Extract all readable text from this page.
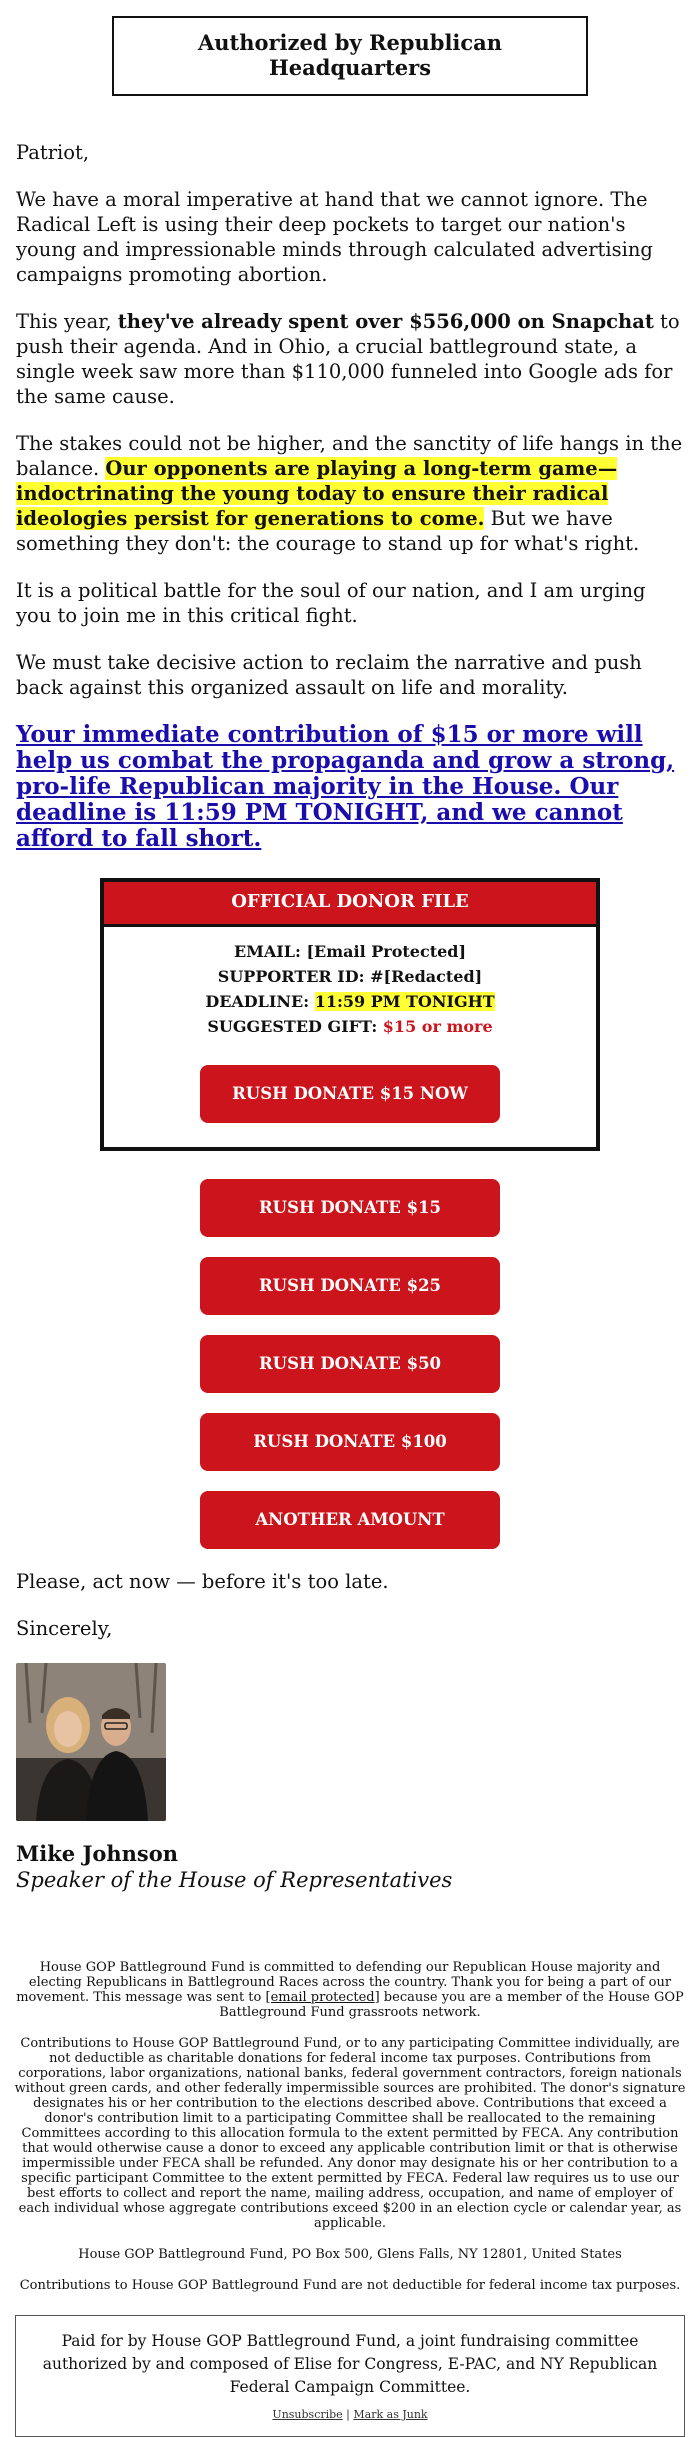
Authorized by Republican Headquarters

Patriot,

We have a moral imperative at hand that we cannot ignore. The Radical Left is using their deep pockets to target our nation's young and impressionable minds through calculated advertising campaigns promoting abortion.

This year, they've already spent over $556,000 on Snapchat to push their agenda. And in Ohio, a crucial battleground state, a single week saw more than $110,000 funneled into Google ads for the same cause.

The stakes could not be higher, and the sanctity of life hangs in the balance. Our opponents are playing a long-term game—indoctrinating the young today to ensure their radical ideologies persist for generations to come. But we have something they don't: the courage to stand up for what's right.

It is a political battle for the soul of our nation, and I am urging you to join me in this critical fight.

We must take decisive action to reclaim the narrative and push back against this organized assault on life and morality.

Your immediate contribution of $15 or more will help us combat the propaganda and grow a strong, pro-life Republican majority in the House. Our deadline is 11:59 PM TONIGHT, and we cannot afford to fall short.

OFFICIAL DONOR FILE
EMAIL: [Email Protected]
SUPPORTER ID: #[Redacted]
DEADLINE: 11:59 PM TONIGHT
SUGGESTED GIFT: $15 or more
RUSH DONATE $15 NOW
RUSH DONATE $15
RUSH DONATE $25
RUSH DONATE $50
RUSH DONATE $100
ANOTHER AMOUNT

Please, act now — before it's too late.

Sincerely,

Mike Johnson
Speaker of the House of Representatives

House GOP Battleground Fund is committed to defending our Republican House majority and electing Republicans in Battleground Races across the country. Thank you for being a part of our movement. This message was sent to [email protected] because you are a member of the House GOP Battleground Fund grassroots network.

Contributions to House GOP Battleground Fund, or to any participating Committee individually, are not deductible as charitable donations for federal income tax purposes. Contributions from corporations, labor organizations, national banks, federal government contractors, foreign nationals without green cards, and other federally impermissible sources are prohibited. The donor's signature designates his or her contribution to the elections described above. Contributions that exceed a donor's contribution limit to a participating Committee shall be reallocated to the remaining Committees according to this allocation formula to the extent permitted by FECA. Any contribution that would otherwise cause a donor to exceed any applicable contribution limit or that is otherwise impermissible under FECA shall be refunded. Any donor may designate his or her contribution to a specific participant Committee to the extent permitted by FECA. Federal law requires us to use our best efforts to collect and report the name, mailing address, occupation, and name of employer of each individual whose aggregate contributions exceed $200 in an election cycle or calendar year, as applicable.

House GOP Battleground Fund, PO Box 500, Glens Falls, NY 12801, United States

Contributions to House GOP Battleground Fund are not deductible for federal income tax purposes.

Paid for by House GOP Battleground Fund, a joint fundraising committee authorized by and composed of Elise for Congress, E-PAC, and NY Republican Federal Campaign Committee.
Unsubscribe | Mark as Junk
